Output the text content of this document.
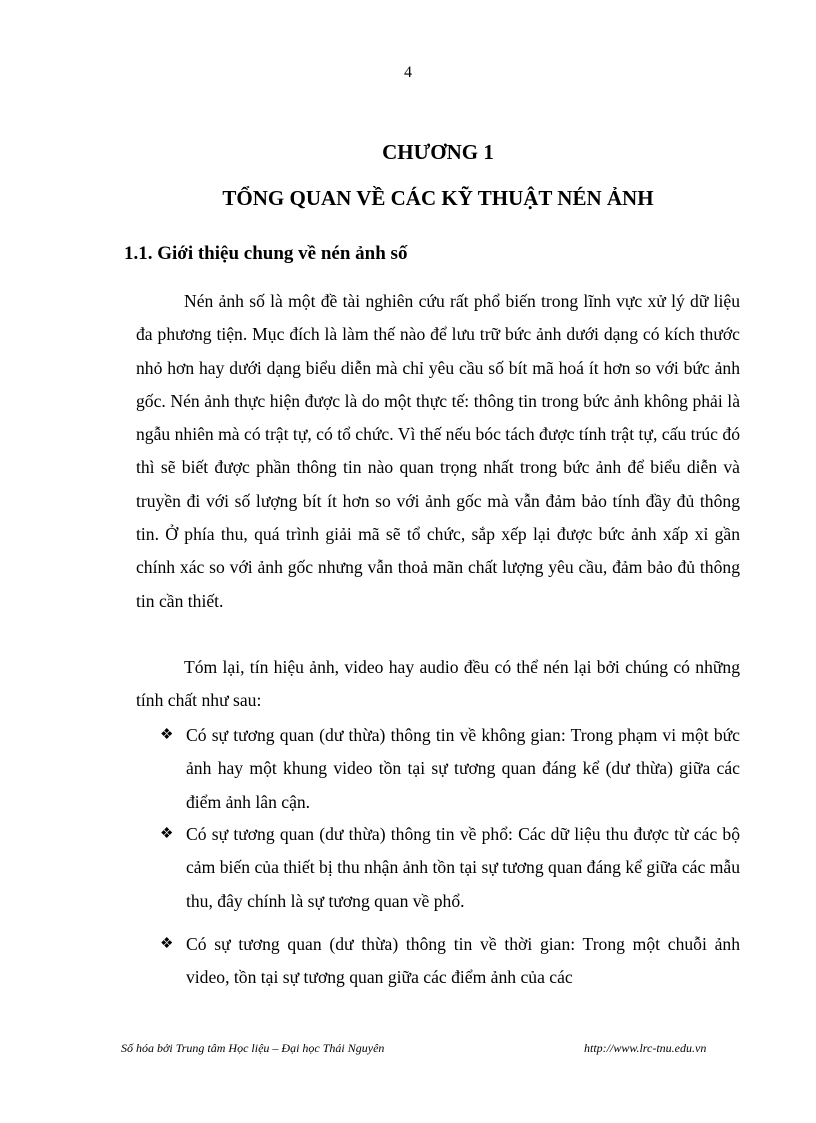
4
CHƯƠNG 1
TỔNG QUAN VỀ CÁC KỸ THUẬT NÉN ẢNH
1.1. Giới thiệu chung về nén ảnh số

Nén ảnh số là một đề tài nghiên cứu rất phổ biến trong lĩnh vực xử lý dữ liệu đa phương tiện. Mục đích là làm thế nào để lưu trữ bức ảnh dưới dạng có kích thước nhỏ hơn hay dưới dạng biểu diễn mà chỉ yêu cầu số bít mã hoá ít hơn so với bức ảnh gốc. Nén ảnh thực hiện được là do một thực tế: thông tin trong bức ảnh không phải là ngẫu nhiên mà có trật tự, có tổ chức. Vì thế nếu bóc tách được tính trật tự, cấu trúc đó thì sẽ biết được phần thông tin nào quan trọng nhất trong bức ảnh để biểu diễn và truyền đi với số lượng bít ít hơn so với ảnh gốc mà vẫn đảm bảo tính đầy đủ thông tin. Ở phía thu, quá trình giải mã sẽ tổ chức, sắp xếp lại được bức ảnh xấp xỉ gần chính xác so với ảnh gốc nhưng vẫn thoả mãn chất lượng yêu cầu, đảm bảo đủ thông tin cần thiết.

Tóm lại, tín hiệu ảnh, video hay audio đều có thể nén lại bởi chúng có những tính chất như sau:

❖ Có sự tương quan (dư thừa) thông tin về không gian: Trong phạm vi một bức ảnh hay một khung video tồn tại sự tương quan đáng kể (dư thừa) giữa các điểm ảnh lân cận.
❖ Có sự tương quan (dư thừa) thông tin về phổ: Các dữ liệu thu được từ các bộ cảm biến của thiết bị thu nhận ảnh tồn tại sự tương quan đáng kể giữa các mẫu thu, đây chính là sự tương quan về phổ.
❖ Có sự tương quan (dư thừa) thông tin về thời gian: Trong một chuỗi ảnh video, tồn tại sự tương quan giữa các điểm ảnh của các
Số hóa bởi Trung tâm Học liệu – Đại học Thái Nguyên	http://www.lrc-tnu.edu.vn
